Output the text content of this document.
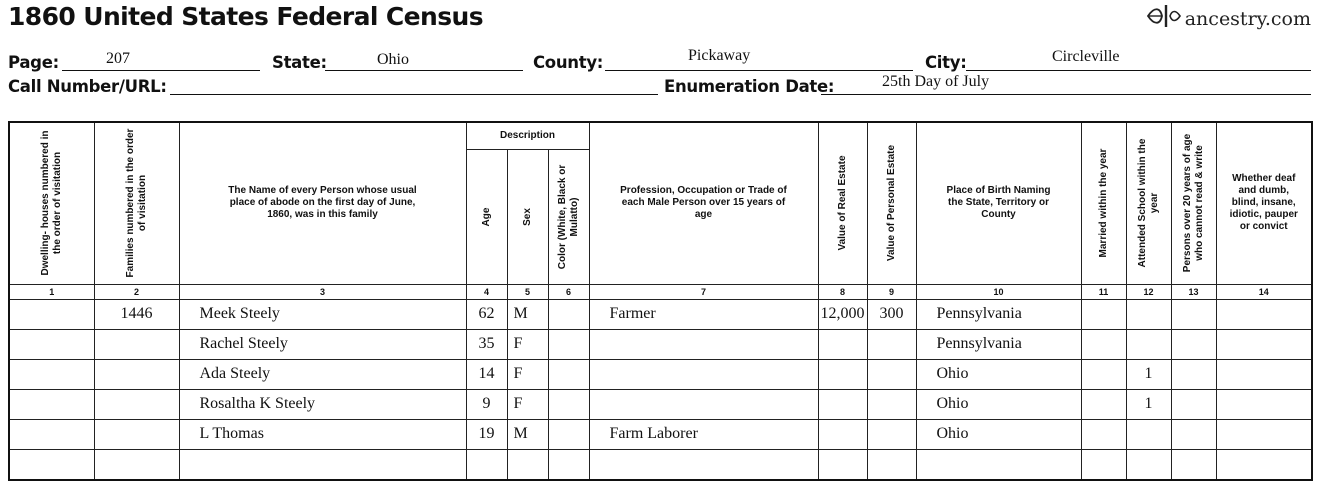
1860 United States Federal Census	ancestry.com
Page:	207	State:	Ohio	County:	Pickaway	City:	Circleville
Call Number/URL:	Enumeration Date:	25th Day of July
Dwelling- houses numbered in the order of visitation	Families numbered in the order of visitation	The Name of every Person whose usual place of abode on the first day of June, 1860, was in this family	Description			Profession, Occupation or Trade of each Male Person over 15 years of age	Value of Real Estate	Value of Personal Estate	Place of Birth Naming the State, Territory or County	Married within the year	Attended School within the year	Persons over 20 years of age who cannot read & write	Whether deaf and dumb, blind, insane, idiotic, pauper or convict

			Age	Sex	Color (White, Black or Mulatto)								

1	2	3	4	5	6	7	8	9	10	11	12	13	14
	1446	Meek Steely	62	M		Farmer	12,000	300	Pennsylvania				
		Rachel Steely	35	F					Pennsylvania				
		Ada Steely	14	F					Ohio		1		
		Rosaltha K Steely	9	F					Ohio		1		
		L Thomas	19	M		Farm Laborer			Ohio				
